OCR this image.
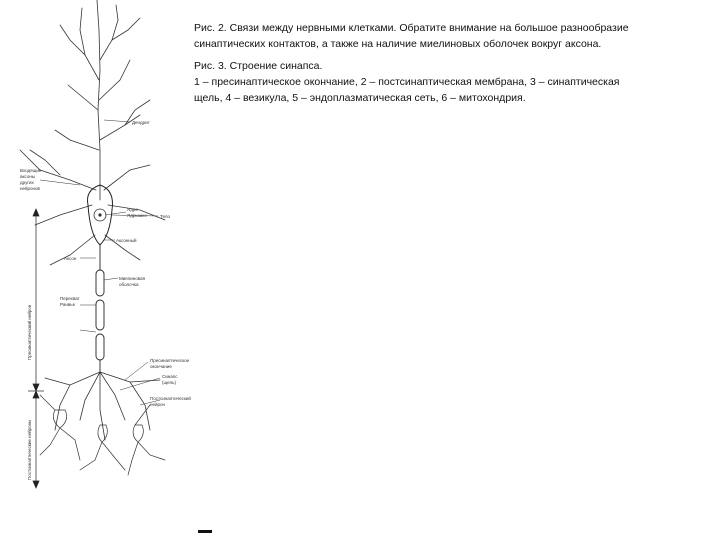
Рис. 2. Связи между нервными клетками. Обратите внимание на большое разнообразие
синаптических контактов, а также на наличие миелиновых оболочек вокруг аксона.

Рис. 3. Строение синапса.
1 – пресинаптическое окончание, 2 – постсинаптическая мембрана, 3 – синаптическая
щель, 4 – везикула, 5 – эндоплазматическая сеть, 6 – митохондрия.

Дендрит
Входящие
аксоны
других
нейронов
Ядро
Ядрышко	Тело
Аксонный
Аксон
Миелиновая
оболочка
Перехват
Ранвье
Пресинаптическое
окончание
Синапс
(щель)
Постсинаптический
нейрон
Пресинаптический нейрон
Постсинаптические нейроны
